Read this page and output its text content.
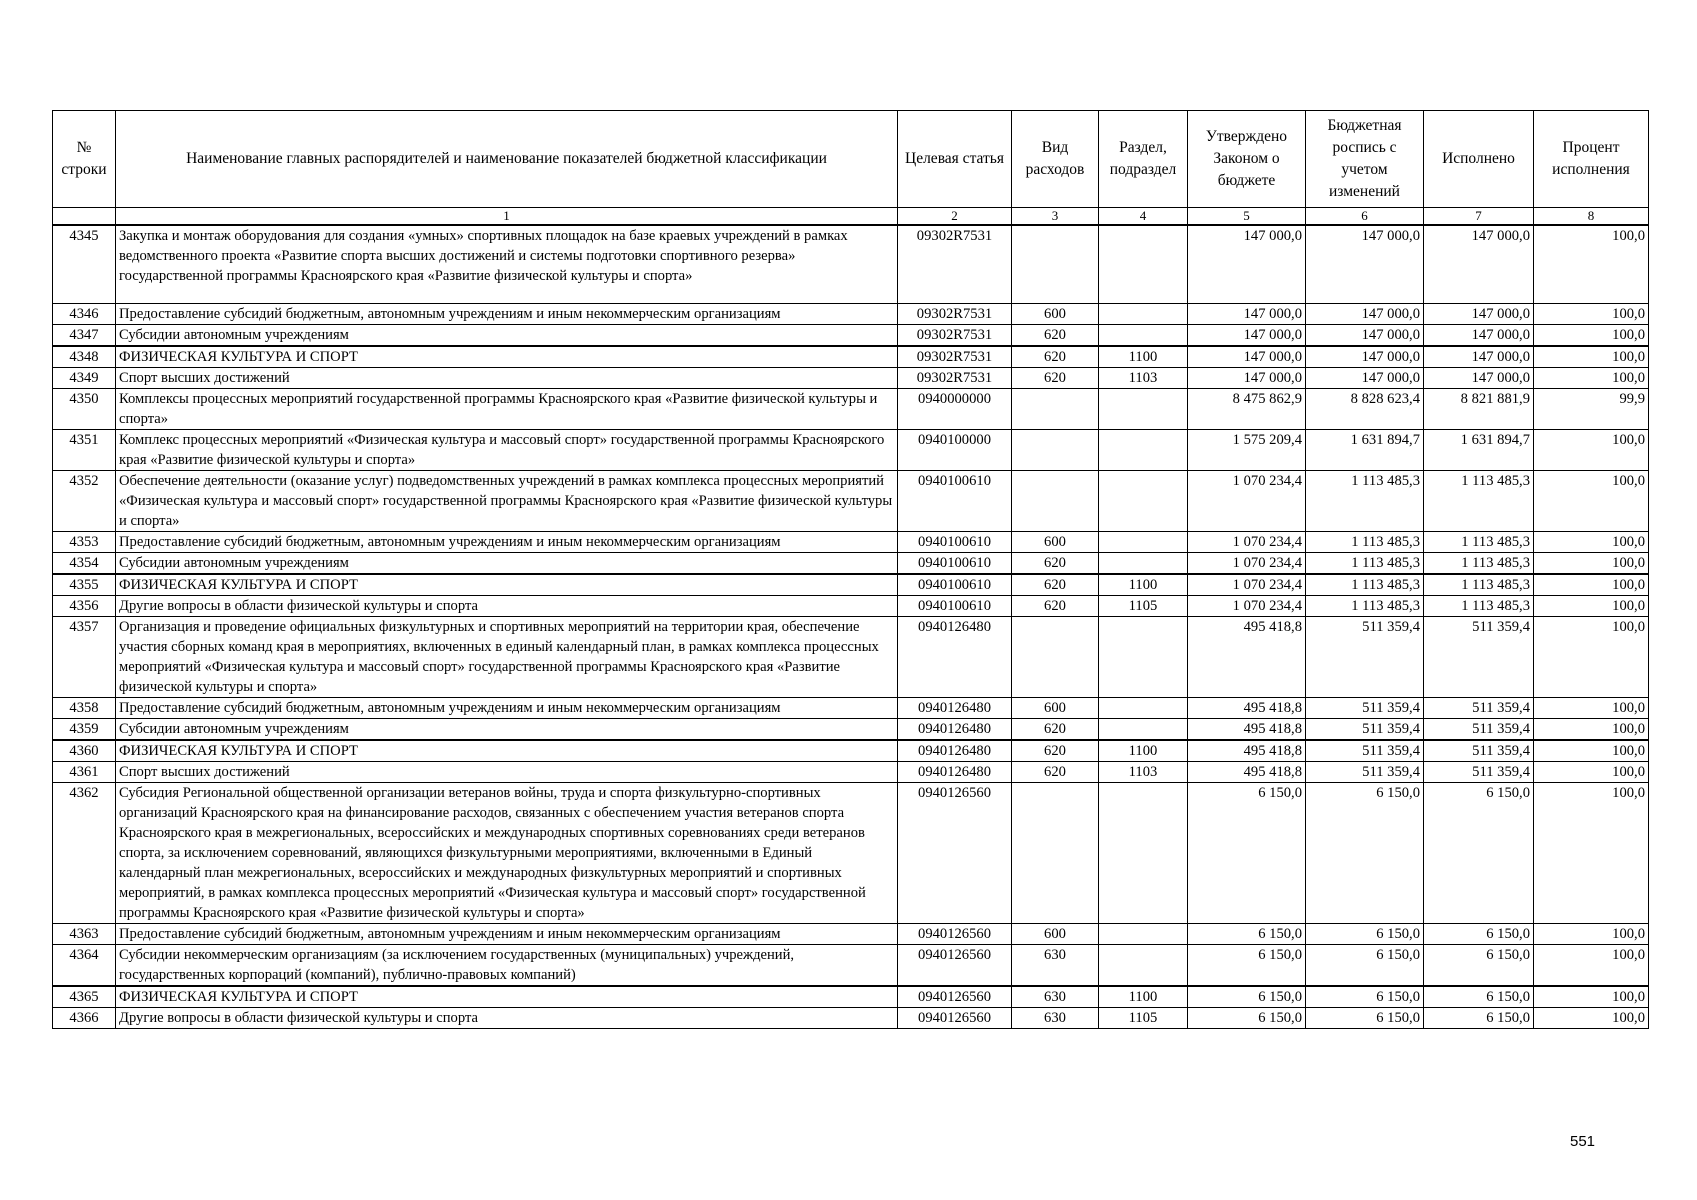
№ строки	Наименование главных распорядителей и наименование показателей бюджетной классификации	Целевая статья	Вид расходов	Раздел, подраздел	Утверждено Законом о бюджете	Бюджетная роспись с учетом изменений	Исполнено	Процент исполнения
	1	2	3	4	5	6	7	8
4345	Закупка и монтаж оборудования для создания «умных» спортивных площадок на базе краевых учреждений в рамках ведомственного проекта «Развитие спорта высших достижений и системы подготовки спортивного резерва» государственной программы Красноярского края «Развитие физической культуры и спорта»	09302R7531			147 000,0	147 000,0	147 000,0	100,0
4346	Предоставление субсидий бюджетным, автономным учреждениям и иным некоммерческим организациям	09302R7531	600		147 000,0	147 000,0	147 000,0	100,0
4347	Субсидии автономным учреждениям	09302R7531	620		147 000,0	147 000,0	147 000,0	100,0
4348	ФИЗИЧЕСКАЯ КУЛЬТУРА И СПОРТ	09302R7531	620	1100	147 000,0	147 000,0	147 000,0	100,0
4349	Спорт высших достижений	09302R7531	620	1103	147 000,0	147 000,0	147 000,0	100,0
4350	Комплексы процессных мероприятий государственной программы Красноярского края «Развитие физической культуры и спорта»	0940000000			8 475 862,9	8 828 623,4	8 821 881,9	99,9
4351	Комплекс процессных мероприятий «Физическая культура и массовый спорт» государственной программы Красноярского края «Развитие физической культуры и спорта»	0940100000			1 575 209,4	1 631 894,7	1 631 894,7	100,0
4352	Обеспечение деятельности (оказание услуг) подведомственных учреждений в рамках комплекса процессных мероприятий «Физическая культура и массовый спорт» государственной программы Красноярского края «Развитие физической культуры и спорта»	0940100610			1 070 234,4	1 113 485,3	1 113 485,3	100,0
4353	Предоставление субсидий бюджетным, автономным учреждениям и иным некоммерческим организациям	0940100610	600		1 070 234,4	1 113 485,3	1 113 485,3	100,0
4354	Субсидии автономным учреждениям	0940100610	620		1 070 234,4	1 113 485,3	1 113 485,3	100,0
4355	ФИЗИЧЕСКАЯ КУЛЬТУРА И СПОРТ	0940100610	620	1100	1 070 234,4	1 113 485,3	1 113 485,3	100,0
4356	Другие вопросы в области физической культуры и спорта	0940100610	620	1105	1 070 234,4	1 113 485,3	1 113 485,3	100,0
4357	Организация и проведение официальных физкультурных и спортивных мероприятий на территории края, обеспечение участия сборных команд края в мероприятиях, включенных в единый календарный план, в рамках комплекса процессных мероприятий «Физическая культура и массовый спорт» государственной программы Красноярского края «Развитие физической культуры и спорта»	0940126480			495 418,8	511 359,4	511 359,4	100,0
4358	Предоставление субсидий бюджетным, автономным учреждениям и иным некоммерческим организациям	0940126480	600		495 418,8	511 359,4	511 359,4	100,0
4359	Субсидии автономным учреждениям	0940126480	620		495 418,8	511 359,4	511 359,4	100,0
4360	ФИЗИЧЕСКАЯ КУЛЬТУРА И СПОРТ	0940126480	620	1100	495 418,8	511 359,4	511 359,4	100,0
4361	Спорт высших достижений	0940126480	620	1103	495 418,8	511 359,4	511 359,4	100,0
4362	Субсидия Региональной общественной организации ветеранов войны, труда и спорта физкультурно-спортивных организаций Красноярского края на финансирование расходов, связанных с обеспечением участия ветеранов спорта Красноярского края в межрегиональных, всероссийских и международных спортивных соревнованиях среди ветеранов спорта, за исключением соревнований, являющихся физкультурными мероприятиями, включенными в Единый календарный план межрегиональных, всероссийских и международных физкультурных мероприятий и спортивных мероприятий, в рамках комплекса процессных мероприятий «Физическая культура и массовый спорт» государственной программы Красноярского края «Развитие физической культуры и спорта»	0940126560			6 150,0	6 150,0	6 150,0	100,0
4363	Предоставление субсидий бюджетным, автономным учреждениям и иным некоммерческим организациям	0940126560	600		6 150,0	6 150,0	6 150,0	100,0
4364	Субсидии некоммерческим организациям (за исключением государственных (муниципальных) учреждений, государственных корпораций (компаний), публично-правовых компаний)	0940126560	630		6 150,0	6 150,0	6 150,0	100,0
4365	ФИЗИЧЕСКАЯ КУЛЬТУРА И СПОРТ	0940126560	630	1100	6 150,0	6 150,0	6 150,0	100,0
4366	Другие вопросы в области физической культуры и спорта	0940126560	630	1105	6 150,0	6 150,0	6 150,0	100,0
551
